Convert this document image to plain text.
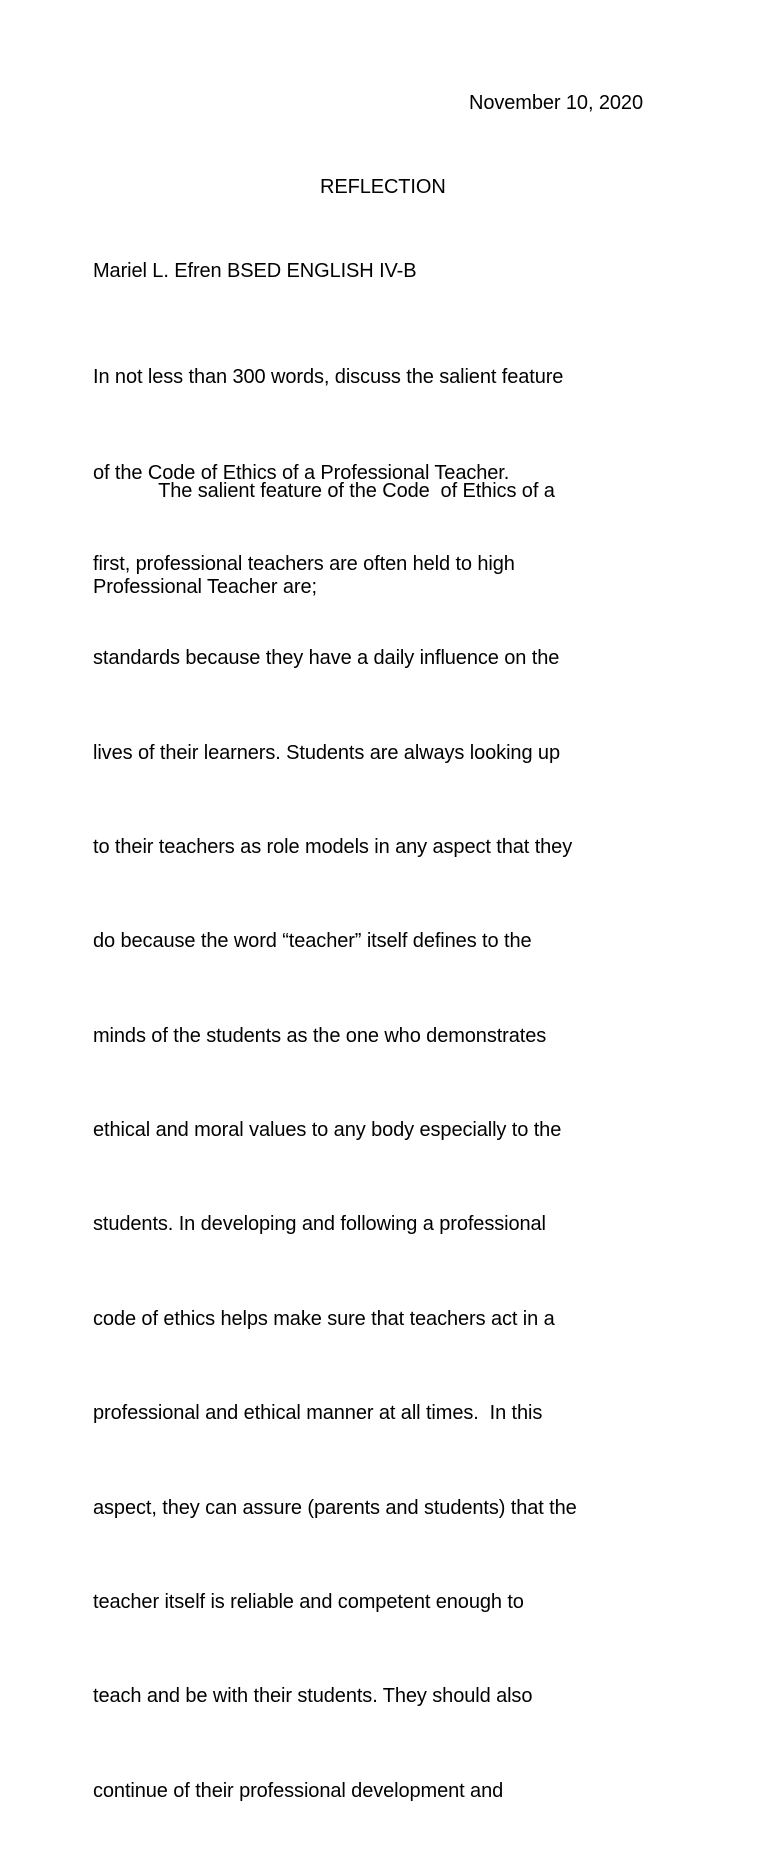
November 10, 2020
REFLECTION
Mariel L. Efren BSED ENGLISH IV-B

In not less than 300 words, discuss the salient feature

of the Code of Ethics of a Professional Teacher.

The salient feature of the Code  of Ethics of a

Professional Teacher are;

first, professional teachers are often held to high

standards because they have a daily influence on the

lives of their learners. Students are always looking up

to their teachers as role models in any aspect that they

do because the word “teacher” itself defines to the

minds of the students as the one who demonstrates

ethical and moral values to any body especially to the

students. In developing and following a professional

code of ethics helps make sure that teachers act in a

professional and ethical manner at all times.  In this

aspect, they can assure (parents and students) that the

teacher itself is reliable and competent enough to

teach and be with their students. They should also

continue of their professional development and
